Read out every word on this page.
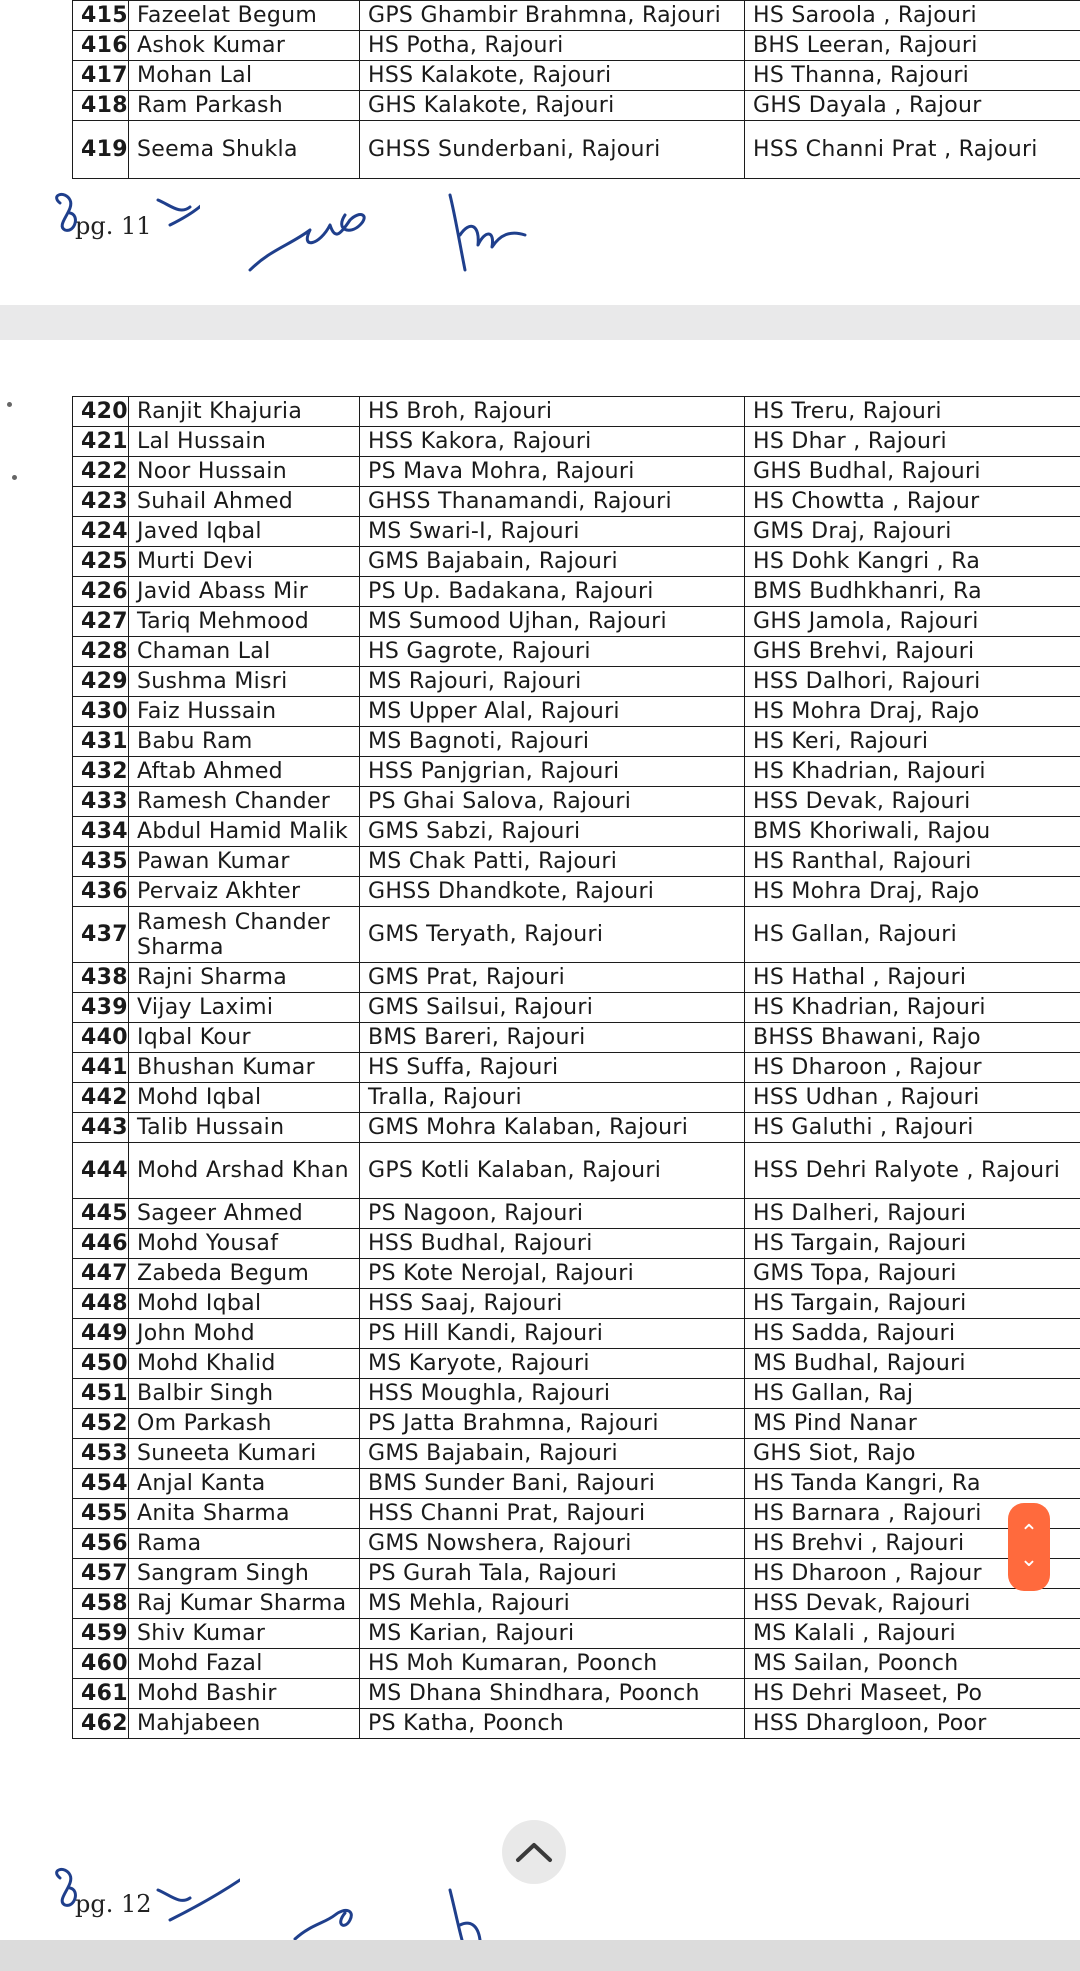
415	Fazeelat Begum	GPS Ghambir Brahmna, Rajouri	HS Saroola , Rajouri
416	Ashok Kumar	HS Potha, Rajouri	BHS Leeran, Rajouri
417	Mohan Lal	HSS Kalakote, Rajouri	HS Thanna, Rajouri
418	Ram Parkash	GHS Kalakote, Rajouri	GHS Dayala , Rajour
419	Seema Shukla	GHSS Sunderbani, Rajouri	HSS Channi Prat , Rajouri
pg. 11
420	Ranjit Khajuria	HS Broh, Rajouri	HS Treru, Rajouri
421	Lal Hussain	HSS Kakora, Rajouri	HS Dhar , Rajouri
422	Noor Hussain	PS Mava Mohra, Rajouri	GHS Budhal, Rajouri
423	Suhail Ahmed	GHSS Thanamandi, Rajouri	HS Chowtta , Rajour
424	Javed Iqbal	MS Swari-I, Rajouri	GMS Draj, Rajouri
425	Murti Devi	GMS Bajabain, Rajouri	HS Dohk Kangri , Ra
426	Javid Abass Mir	PS Up. Badakana, Rajouri	BMS Budhkhanri, Ra
427	Tariq Mehmood	MS Sumood Ujhan, Rajouri	GHS Jamola, Rajouri
428	Chaman Lal	HS Gagrote, Rajouri	GHS Brehvi, Rajouri
429	Sushma Misri	MS Rajouri, Rajouri	HSS Dalhori, Rajouri
430	Faiz Hussain	MS Upper Alal, Rajouri	HS Mohra Draj, Rajo
431	Babu Ram	MS Bagnoti, Rajouri	HS Keri, Rajouri
432	Aftab Ahmed	HSS Panjgrian, Rajouri	HS Khadrian, Rajouri
433	Ramesh Chander	PS Ghai Salova, Rajouri	HSS Devak, Rajouri
434	Abdul Hamid Malik	GMS Sabzi, Rajouri	BMS Khoriwali, Rajou
435	Pawan Kumar	MS Chak Patti, Rajouri	HS Ranthal, Rajouri
436	Pervaiz Akhter	GHSS Dhandkote, Rajouri	HS Mohra Draj, Rajo
437	Ramesh Chander Sharma	GMS Teryath, Rajouri	HS Gallan, Rajouri
438	Rajni Sharma	GMS Prat, Rajouri	HS Hathal , Rajouri
439	Vijay Laximi	GMS Sailsui, Rajouri	HS Khadrian, Rajouri
440	Iqbal Kour	BMS Bareri, Rajouri	BHSS Bhawani, Rajo
441	Bhushan Kumar	HS Suffa, Rajouri	HS Dharoon , Rajour
442	Mohd Iqbal	Tralla, Rajouri	HSS Udhan , Rajouri
443	Talib Hussain	GMS Mohra Kalaban, Rajouri	HS Galuthi , Rajouri
444	Mohd Arshad Khan	GPS Kotli Kalaban, Rajouri	HSS Dehri Ralyote , Rajouri
445	Sageer Ahmed	PS Nagoon, Rajouri	HS Dalheri, Rajouri
446	Mohd Yousaf	HSS Budhal, Rajouri	HS Targain, Rajouri
447	Zabeda Begum	PS Kote Nerojal, Rajouri	GMS Topa, Rajouri
448	Mohd Iqbal	HSS Saaj, Rajouri	HS Targain, Rajouri
449	John Mohd	PS Hill Kandi, Rajouri	HS Sadda, Rajouri
450	Mohd Khalid	MS Karyote, Rajouri	MS Budhal, Rajouri
451	Balbir Singh	HSS Moughla, Rajouri	HS Gallan, Raj
452	Om Parkash	PS Jatta Brahmna, Rajouri	MS Pind Nanar
453	Suneeta Kumari	GMS Bajabain, Rajouri	GHS Siot, Rajo
454	Anjal Kanta	BMS Sunder Bani, Rajouri	HS Tanda Kangri, Ra
455	Anita Sharma	HSS Channi Prat, Rajouri	HS Barnara , Rajouri
456	Rama	GMS Nowshera, Rajouri	HS Brehvi , Rajouri
457	Sangram Singh	PS Gurah Tala, Rajouri	HS Dharoon , Rajour
458	Raj Kumar Sharma	MS Mehla, Rajouri	HSS Devak, Rajouri
459	Shiv Kumar	MS Karian, Rajouri	MS Kalali , Rajouri
460	Mohd Fazal	HS Moh Kumaran, Poonch	MS Sailan, Poonch
461	Mohd Bashir	MS Dhana Shindhara, Poonch	HS Dehri Maseet, Po
462	Mahjabeen	PS Katha, Poonch	HSS Dhargloon, Poor
pg. 12
⌃
⌄
